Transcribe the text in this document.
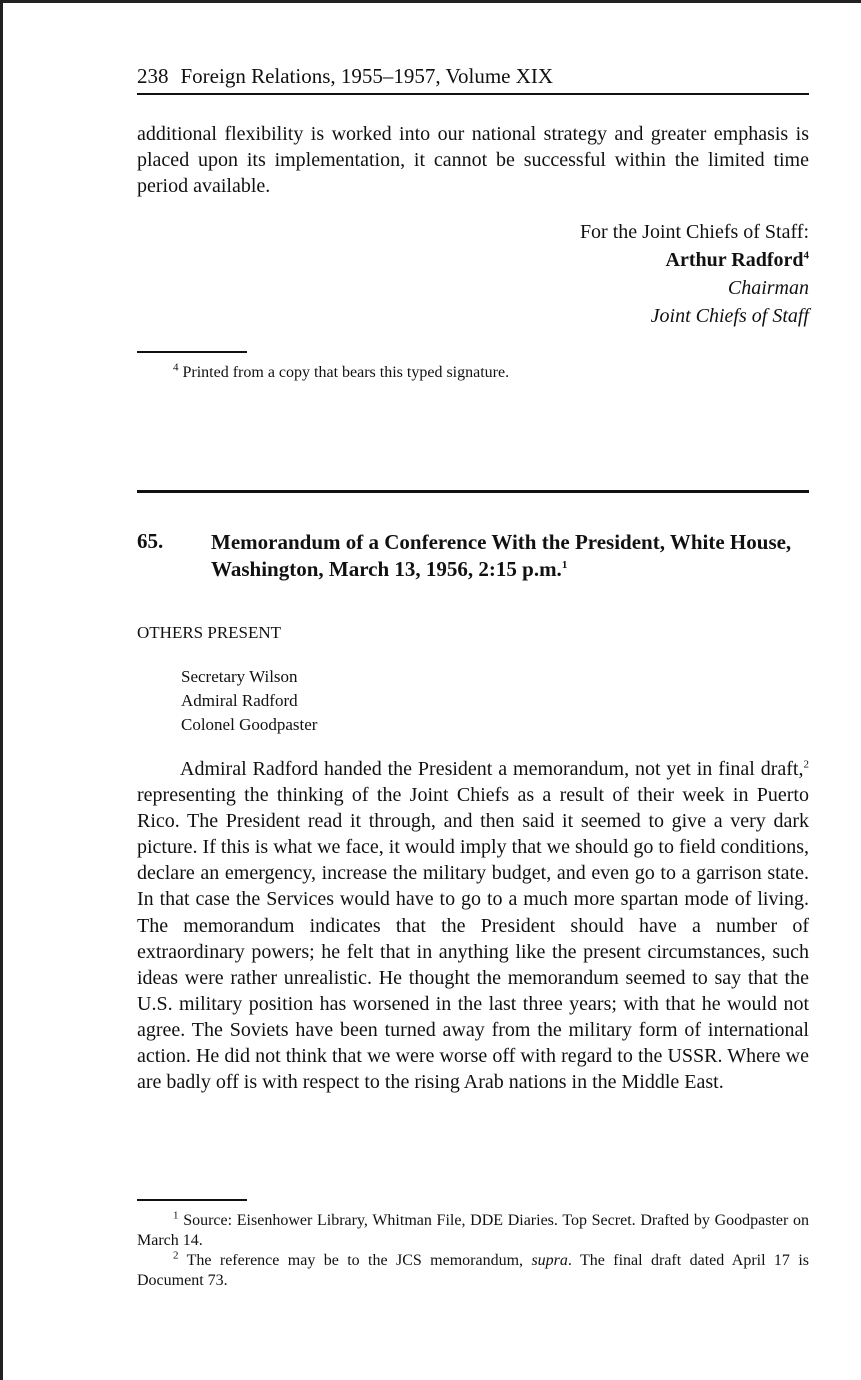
238 Foreign Relations, 1955–1957, Volume XIX
additional flexibility is worked into our national strategy and greater emphasis is placed upon its implementation, it cannot be successful within the limited time period available.
For the Joint Chiefs of Staff:
Arthur Radford$^4$
Chairman
Joint Chiefs of Staff
$^4$ Printed from a copy that bears this typed signature.
65. Memorandum of a Conference With the President, White House, Washington, March 13, 1956, 2:15 p.m.$^1$
OTHERS PRESENT
Secretary Wilson
Admiral Radford
Colonel Goodpaster
Admiral Radford handed the President a memorandum, not yet in final draft,$^2$ representing the thinking of the Joint Chiefs as a result of their week in Puerto Rico. The President read it through, and then said it seemed to give a very dark picture. If this is what we face, it would imply that we should go to field conditions, declare an emergency, increase the military budget, and even go to a garrison state. In that case the Services would have to go to a much more spartan mode of living. The memorandum indicates that the President should have a number of extraordinary powers; he felt that in anything like the present circumstances, such ideas were rather unrealistic. He thought the memorandum seemed to say that the U.S. military position has worsened in the last three years; with that he would not agree. The Soviets have been turned away from the military form of international action. He did not think that we were worse off with regard to the USSR. Where we are badly off is with respect to the rising Arab nations in the Middle East.
$^1$ Source: Eisenhower Library, Whitman File, DDE Diaries. Top Secret. Drafted by Goodpaster on March 14.
$^2$ The reference may be to the JCS memorandum, supra. The final draft dated April 17 is Document 73.
